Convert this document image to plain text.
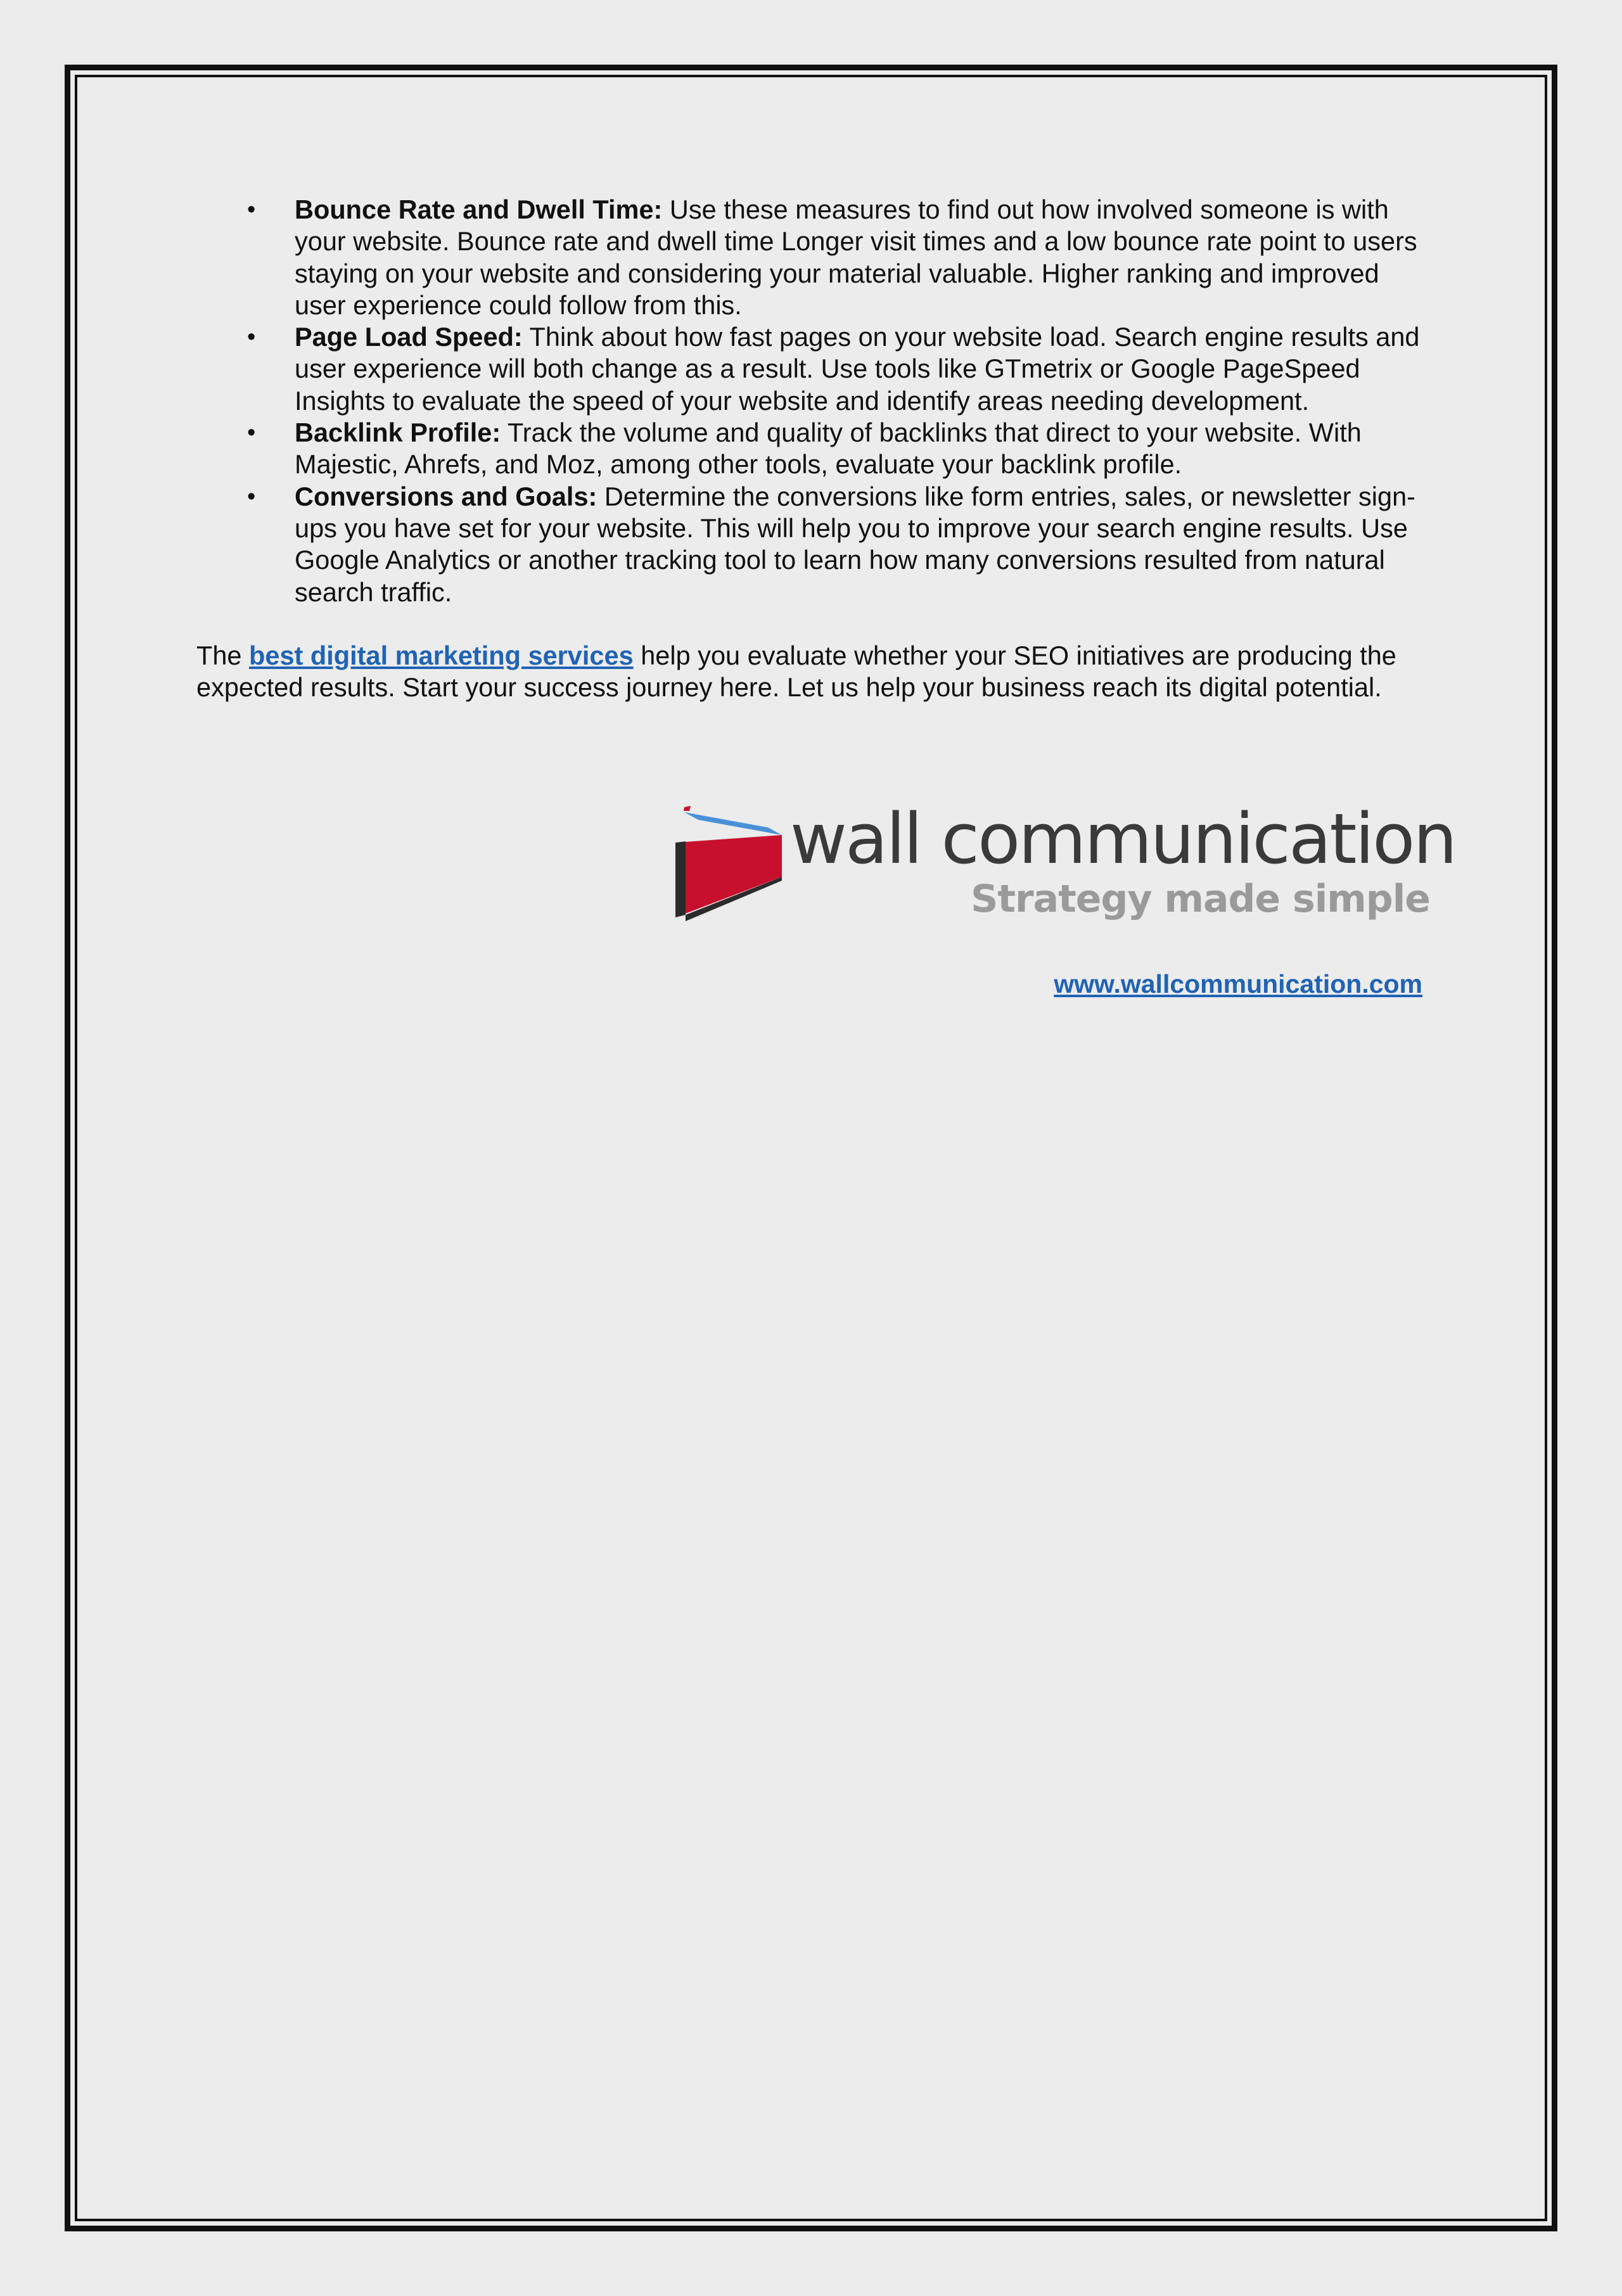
• Bounce Rate and Dwell Time: Use these measures to find out how involved someone is with your website. Bounce rate and dwell time Longer visit times and a low bounce rate point to users staying on your website and considering your material valuable. Higher ranking and improved user experience could follow from this.
• Page Load Speed: Think about how fast pages on your website load. Search engine results and user experience will both change as a result. Use tools like GTmetrix or Google PageSpeed Insights to evaluate the speed of your website and identify areas needing development.
• Backlink Profile: Track the volume and quality of backlinks that direct to your website. With Majestic, Ahrefs, and Moz, among other tools, evaluate your backlink profile.
• Conversions and Goals: Determine the conversions like form entries, sales, or newsletter sign-ups you have set for your website. This will help you to improve your search engine results. Use Google Analytics or another tracking tool to learn how many conversions resulted from natural search traffic.

The best digital marketing services help you evaluate whether your SEO initiatives are producing the expected results. Start your success journey here. Let us help your business reach its digital potential.

wall communication
Strategy made simple
www.wallcommunication.com
